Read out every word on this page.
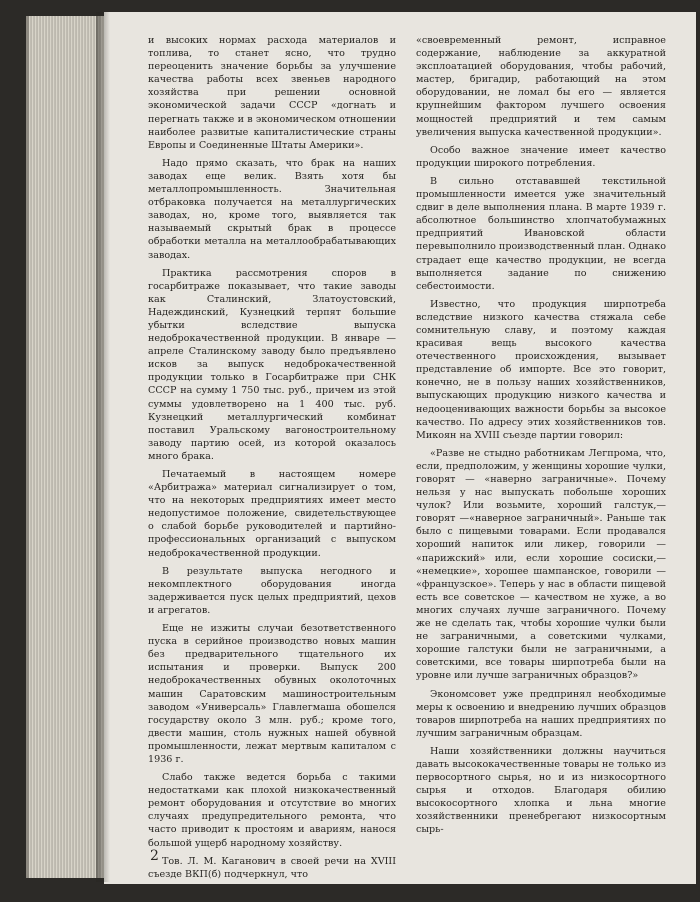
и высоких нормах расхода материалов и топлива, то станет ясно, что трудно переоценить значение борьбы за улучшение качества работы всех звеньев народного хозяйства при решении основной экономической задачи СССР «догнать и перегнать также и в экономическом отношении наиболее развитые капиталистические страны Европы и Соединенные Штаты Америки».

Надо прямо сказать, что брак на наших заводах еще велик. Взять хотя бы металлопромышленность. Значительная отбраковка получается на металлургических заводах, но, кроме того, выявляется так называемый скрытый брак в процессе обработки металла на металлообрабатывающих заводах.

Практика рассмотрения споров в госарбитраже показывает, что такие заводы как Сталинский, Златоустовский, Надеждинский, Кузнецкий терпят большие убытки вследствие выпуска недоброкачественной продукции. В январе — апреле Сталинскому заводу было предъявлено исков за выпуск недоброкачественной продукции только в Госарбитраже при СНК СССР на сумму 1 750 тыс. руб., причем из этой суммы удовлетворено на 1 400 тыс. руб. Кузнецкий металлургический комбинат поставил Уральскому вагоностроительному заводу партию осей, из которой оказалось много брака.

Печатаемый в настоящем номере «Арбитража» материал сигнализирует о том, что на некоторых предприятиях имеет место недопустимое положение, свидетельствующее о слабой борьбе руководителей и партийно-профессиональных организаций с выпуском недоброкачественной продукции.

В результате выпуска негодного и некомплектного оборудования иногда задерживается пуск целых предприятий, цехов и агрегатов.

Еще не изжиты случаи безответственного пуска в серийное производство новых машин без предварительного тщательного их испытания и проверки. Выпуск 200 недоброкачественных обувных околоточных машин Саратовским машиностроительным заводом «Универсаль» Главлегмаша обошелся государству около 3 млн. руб.; кроме того, двести машин, столь нужных нашей обувной промышленности, лежат мертвым капиталом с 1936 г.

Слабо также ведется борьба с такими недостатками как плохой низкокачественный ремонт оборудования и отсутствие во многих случаях предупредительного ремонта, что часто приводит к простоям и авариям, нанося большой ущерб народному хозяйству.

Тов. Л. М. Каганович в своей речи на XVIII съезде ВКП(б) подчеркнул, что

«своевременный ремонт, исправное содержание, наблюдение за аккуратной эксплоатацией оборудования, чтобы рабочий, мастер, бригадир, работающий на этом оборудовании, не ломал бы его — является крупнейшим фактором лучшего освоения мощностей предприятий и тем самым увеличения выпуска качественной продукции».

Особо важное значение имеет качество продукции широкого потребления.

В сильно отстававшей текстильной промышленности имеется уже значительный сдвиг в деле выполнения плана. В марте 1939 г. абсолютное большинство хлопчатобумажных предприятий Ивановской области перевыполнило производственный план. Однако страдает еще качество продукции, не всегда выполняется задание по снижению себестоимости.

Известно, что продукция ширпотреба вследствие низкого качества стяжала себе сомнительную славу, и поэтому каждая красивая вещь высокого качества отечественного происхождения, вызывает представление об импорте. Все это говорит, конечно, не в пользу наших хозяйственников, выпускающих продукцию низкого качества и недооценивающих важности борьбы за высокое качество. По адресу этих хозяйственников тов. Микоян на XVIII съезде партии говорил:

«Разве не стыдно работникам Легпрома, что, если, предположим, у женщины хорошие чулки, говорят — «наверно заграничные». Почему нельзя у нас выпускать побольше хороших чулок? Или возьмите, хороший галстук,— говорят —«наверное заграничный». Раньше так было с пищевыми товарами. Если продавался хороший напиток или ликер, говорили — «парижский» или, если хорошие сосиски,— «немецкие», хорошее шампанское, говорили — «французское». Теперь у нас в области пищевой есть все советское — качеством не хуже, а во многих случаях лучше заграничного. Почему же не сделать так, чтобы хорошие чулки были не заграничными, а советскими чулками, хорошие галстуки были не заграничными, а советскими, все товары ширпотреба были на уровне или лучше заграничных образцов?»

Экономсовет уже предпринял необходимые меры к освоению и внедрению лучших образцов товаров ширпотреба на наших предприятиях по лучшим заграничным образцам.

Наши хозяйственники должны научиться давать высококачественные товары не только из первосортного сырья, но и из низкосортного сырья и отходов. Благодаря обилию высокосортного хлопка и льна многие хозяйственники пренебрегают низкосортным сырь-

2
